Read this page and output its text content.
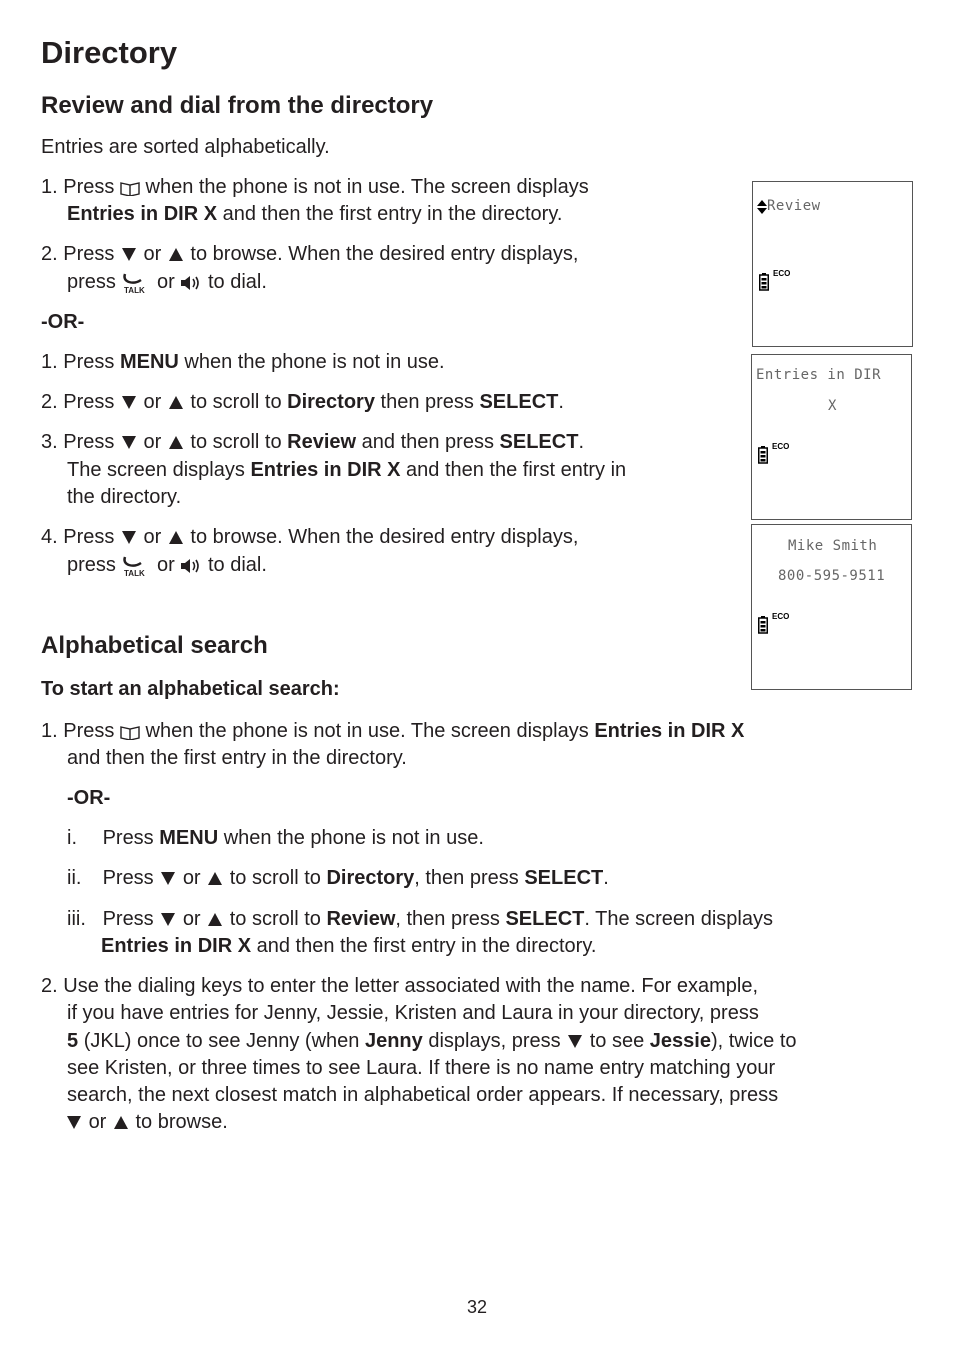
Directory
Review and dial from the directory
Entries are sorted alphabetically.
1. Press when the phone is not in use. The screen displays
Entries in DIR X and then the first entry in the directory.
2. Press or to browse. When the desired entry displays,
press TALK or to dial.
-OR-
1. Press MENU when the phone is not in use.
2. Press or to scroll to Directory then press SELECT.
3. Press or to scroll to Review and then press SELECT.
The screen displays Entries in DIR X and then the first entry in
the directory.
4. Press or to browse. When the desired entry displays,
press TALK or to dial.
Review
ECO
Entries in DIR
X
ECO
Mike Smith
800-595-9511
ECO
Alphabetical search
To start an alphabetical search:
1. Press when the phone is not in use. The screen displays Entries in DIR X
and then the first entry in the directory.
-OR-
i. Press MENU when the phone is not in use.
ii. Press or to scroll to Directory, then press SELECT.
iii. Press or to scroll to Review, then press SELECT. The screen displays
Entries in DIR X and then the first entry in the directory.
2. Use the dialing keys to enter the letter associated with the name. For example,
if you have entries for Jenny, Jessie, Kristen and Laura in your directory, press
5 (JKL) once to see Jenny (when Jenny displays, press to see Jessie), twice to
see Kristen, or three times to see Laura. If there is no name entry matching your
search, the next closest match in alphabetical order appears. If necessary, press
or to browse.
32
